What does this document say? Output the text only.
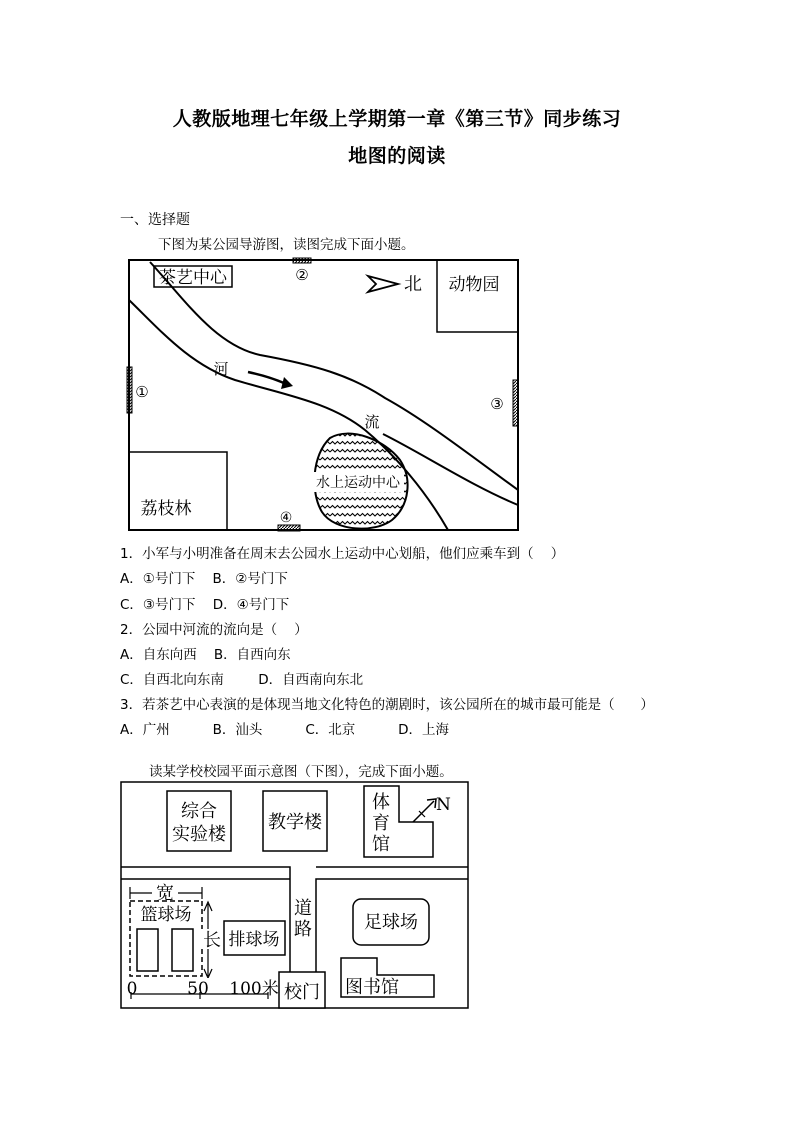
人教版地理七年级上学期第一章《第三节》同步练习
地图的阅读
一、选择题
下图为某公园导游图，读图完成下面小题。
茶艺中心	②	北 动物园
①
③
河
流
水上运动中心
荔枝林	④
1．小军与小明准备在周末去公园水上运动中心划船，他们应乘车到（    ）
A．①号门下    B．②号门下
C．③号门下    D．④号门下
2．公园中河流的流向是（    ）
A．自东向西    B．自西向东
C．自西北向东南        D．自西南向东北
3．若茶艺中心表演的是体现当地文化特色的潮剧时，该公园所在的城市最可能是（      ）
A．广州          B．汕头          C．北京          D．上海
读某学校校园平面示意图（下图），完成下面小题。
综合
实验楼
教学楼
体
育
馆
N
道
路
宽
篮球场
长 排球场
足球场
图书馆
校门
0	50 100米
